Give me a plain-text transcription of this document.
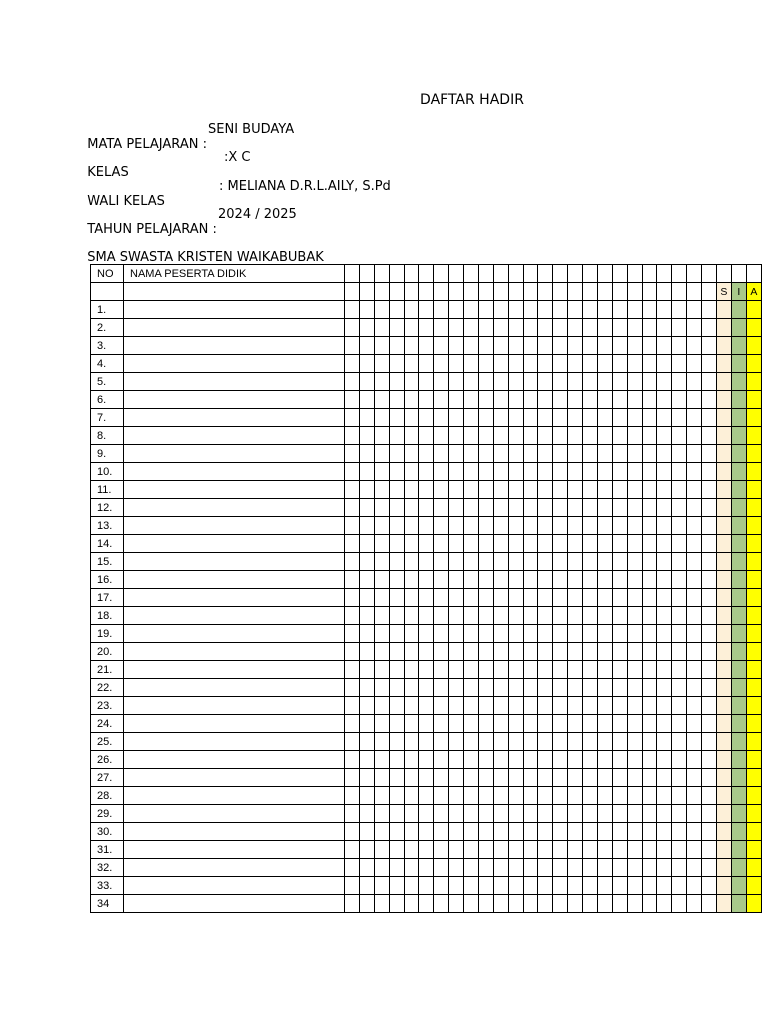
DAFTAR HADIR

MATA PELAJARAN :
SENI BUDAYA

KELAS
:X C

WALI KELAS
: MELIANA D.R.L.AILY, S.Pd

TAHUN PELAJARAN :
2024 / 2025

SMA SWASTA KRISTEN WAIKABUBAK

NO	NAMA PESERTA DIDIK																												
																											S	I	A
1.																													
2.																													
3.																													
4.																													
5.																													
6.																													
7.																													
8.																													
9.																													
10.																													
11.																													
12.																													
13.																													
14.																													
15.																													
16.																													
17.																													
18.																													
19.																													
20.																													
21.																													
22.																													
23.																													
24.																													
25.																													
26.																													
27.																													
28.																													
29.																													
30.																													
31.																													
32.																													
33.																													
34																													
